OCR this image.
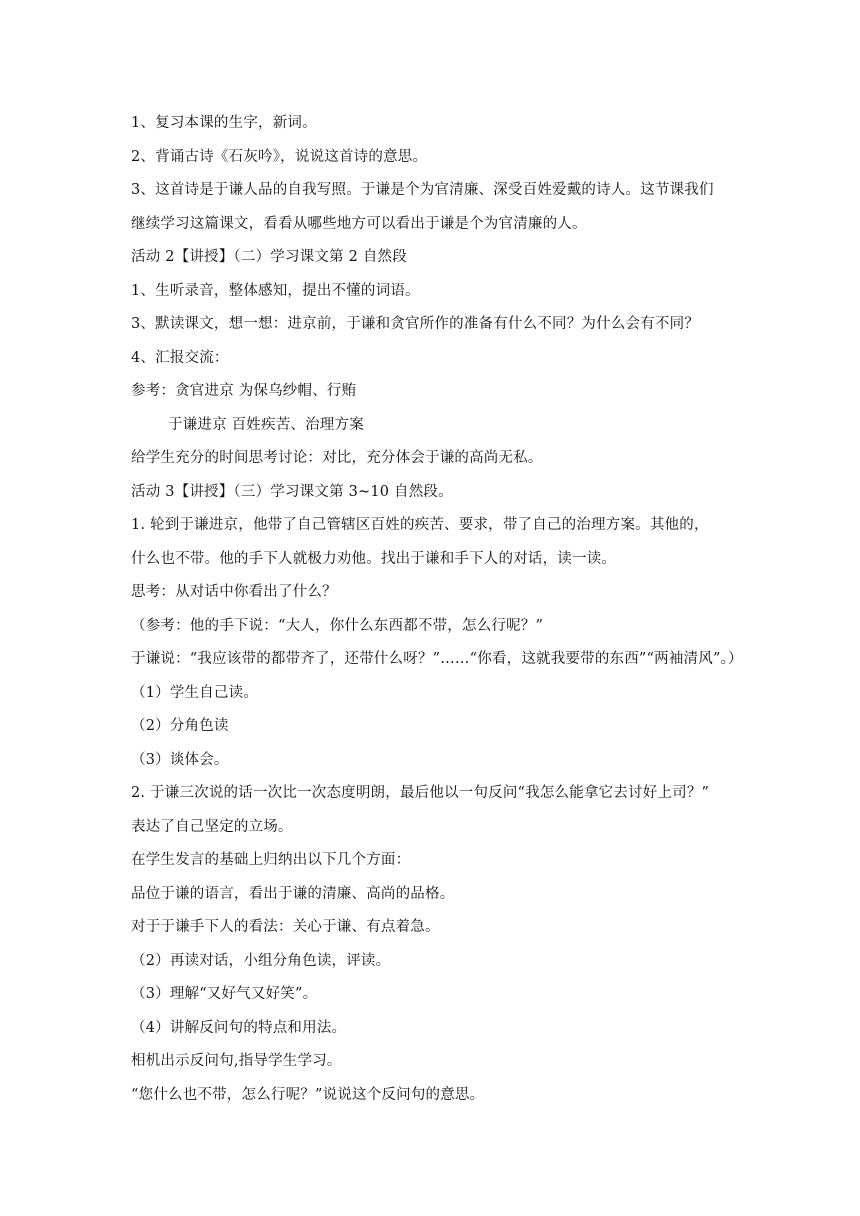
1、复习本课的生字，新词。
2、背诵古诗《石灰吟》，说说这首诗的意思。
3、这首诗是于谦人品的自我写照。于谦是个为官清廉、深受百姓爱戴的诗人。这节课我们
继续学习这篇课文，看看从哪些地方可以看出于谦是个为官清廉的人。
活动 2【讲授】（二）学习课文第 2 自然段
1、生听录音，整体感知，提出不懂的词语。
3、默读课文，想一想：进京前，于谦和贪官所作的准备有什么不同？为什么会有不同？
4、汇报交流：
参考：贪官进京 为保乌纱帽、行贿
于谦进京 百姓疾苦、治理方案
给学生充分的时间思考讨论：对比，充分体会于谦的高尚无私。
活动 3【讲授】（三）学习课文第 3~10 自然段。
1. 轮到于谦进京，他带了自己管辖区百姓的疾苦、要求，带了自己的治理方案。其他的，
什么也不带。他的手下人就极力劝他。找出于谦和手下人的对话，读一读。
思考：从对话中你看出了什么？
（参考：他的手下说：“大人，你什么东西都不带，怎么行呢？”
于谦说：“我应该带的都带齐了，还带什么呀？”……“你看，这就我要带的东西”“两袖清风”。）
（1）学生自己读。
（2）分角色读
（3）谈体会。
2. 于谦三次说的话一次比一次态度明朗，最后他以一句反问“我怎么能拿它去讨好上司？”
表达了自己坚定的立场。
在学生发言的基础上归纳出以下几个方面：
品位于谦的语言，看出于谦的清廉、高尚的品格。
对于于谦手下人的看法：关心于谦、有点着急。
（2）再读对话，小组分角色读，评读。
（3）理解“又好气又好笑”。
（4）讲解反问句的特点和用法。
相机出示反问句,指导学生学习。
“您什么也不带，怎么行呢？”说说这个反问句的意思。
